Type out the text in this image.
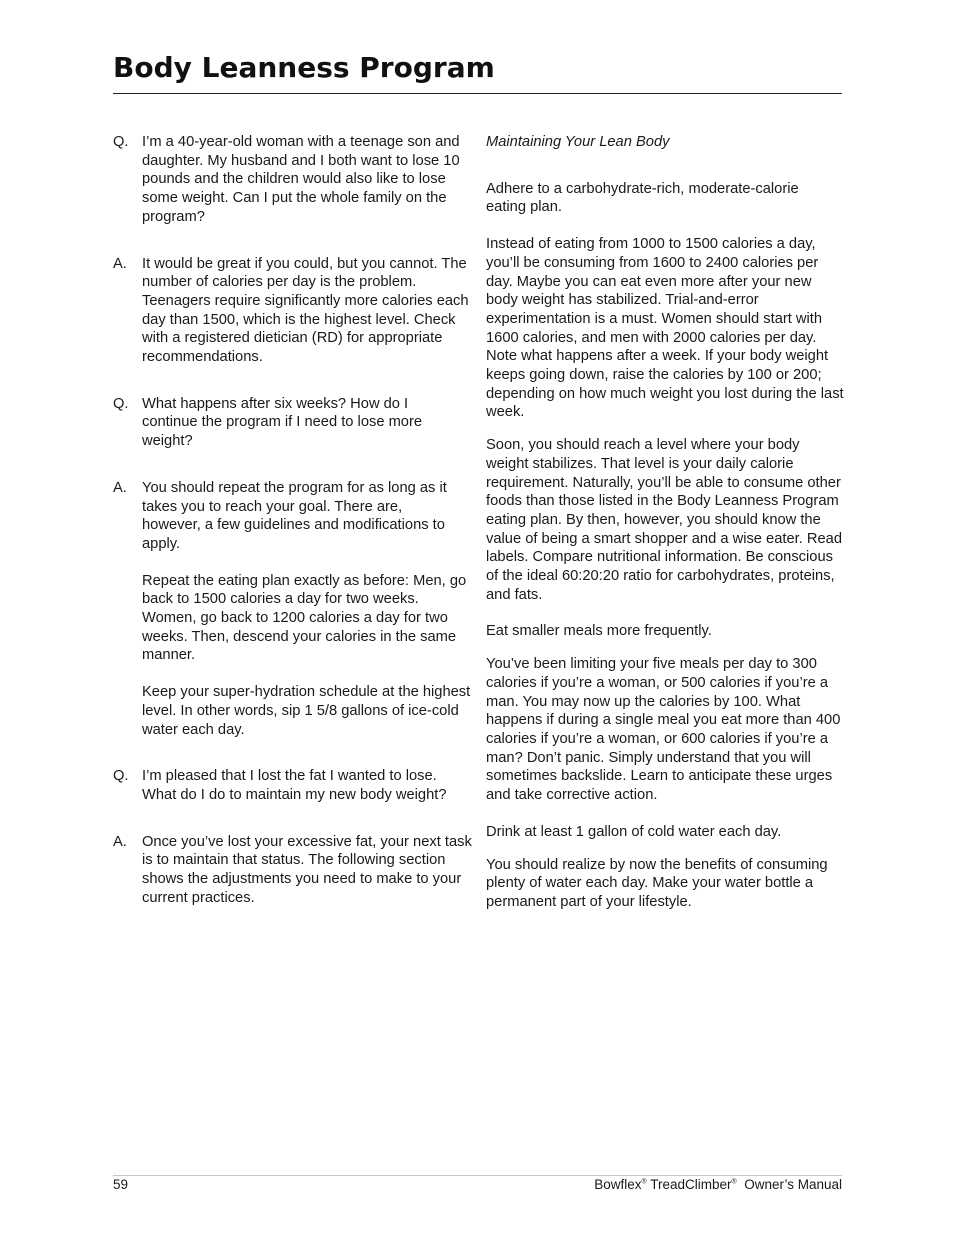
Body Leanness Program
Q. I’m a 40-year-old woman with a teenage son and daughter. My husband and I both want to lose 10 pounds and the children would also like to lose some weight. Can I put the whole family on the program?

A.	It would be great if you could, but you cannot. The number of calories per day is the problem. Teenagers require significantly more calories each day than 1500, which is the highest level. Check with a registered dietician (RD) for appropriate recommendations.

Q. What happens after six weeks? How do I continue the program if I need to lose more weight?

A.	You should repeat the program for as long as it takes you to reach your goal. There are, however, a few guidelines and modifications to apply.

Repeat the eating plan exactly as before: Men, go back to 1500 calories a day for two weeks. Women, go back to 1200 calories a day for two weeks. Then, descend your calories in the same manner.

Keep your super-hydration schedule at the highest level. In other words, sip 1 5/8 gallons of ice-cold water each day.

Q. I’m pleased that I lost the fat I wanted to lose. What do I do to maintain my new body weight?

A.	Once you’ve lost your excessive fat, your next task is to maintain that status. The following section shows the adjustments you need to make to your current practices.

Maintaining Your Lean Body

Adhere to a carbohydrate-rich, moderate-calorie eating plan.

Instead of eating from 1000 to 1500 calories a day, you’ll be consuming from 1600 to 2400 calories per day. Maybe you can eat even more after your new body weight has stabilized. Trial-and-error experimentation is a must. Women should start with 1600 calories, and men with 2000 calories per day. Note what happens after a week. If your body weight keeps going down, raise the calories by 100 or 200; depending on how much weight you lost during the last week.

Soon, you should reach a level where your body weight stabilizes. That level is your daily calorie requirement. Naturally, you’ll be able to consume other foods than those listed in the Body Leanness Program eating plan. By then, however, you should know the value of being a smart shopper and a wise eater. Read labels. Compare nutritional information. Be conscious of the ideal 60:20:20 ratio for carbohydrates, proteins, and fats.

Eat smaller meals more frequently.

You’ve been limiting your five meals per day to 300 calories if you’re a woman, or 500 calories if you’re a man. You may now up the calories by 100. What happens if during a single meal you eat more than 400 calories if you’re a woman, or 600 calories if you’re a man? Don’t panic. Simply understand that you will sometimes backslide. Learn to anticipate these urges and take corrective action.

Drink at least 1 gallon of cold water each day.

You should realize by now the benefits of consuming plenty of water each day. Make your water bottle a permanent part of your lifestyle.

59	Bowflex® TreadClimber® Owner’s Manual
